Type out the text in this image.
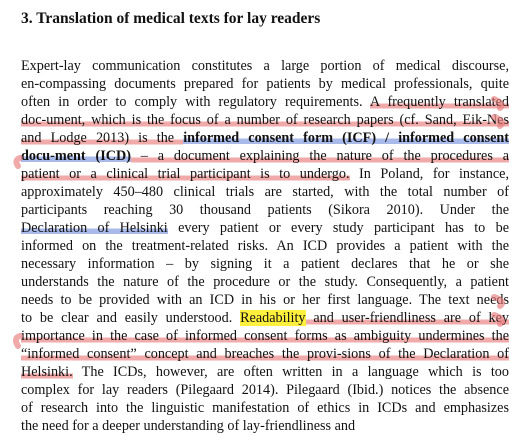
3. Translation of medical texts for lay readers
Expert-lay communication constitutes a large portion of medical discourse,
en-compassing documents prepared for patients by medical professionals, quite
often in order to comply with regulatory requirements. A frequently translated
doc-ument, which is the focus of a number of research papers (cf. Sand, Eik-Nes
and Lodge 2013) is the informed consent form (ICF) / informed consent
docu-ment (ICD) – a document explaining the nature of the procedures a
patient or a clinical trial participant is to undergo. In Poland, for instance,
approximately 450–480 clinical trials are started, with the total number of
participants reaching 30 thousand patients (Sikora 2010). Under the
Declaration of Helsinki every patient or every study participant has to be
informed on the treatment-related risks. An ICD provides a patient with the
necessary information – by signing it a patient declares that he or she
understands the nature of the procedure or the study. Consequently, a patient
needs to be provided with an ICD in his or her first language. The text needs
to be clear and easily understood. Readability and user-friendliness are of key
importance in the case of informed consent forms as ambiguity undermines the
“informed consent” concept and breaches the provi-sions of the Declaration of
Helsinki. The ICDs, however, are often written in a language which is too
complex for lay readers (Pilegaard 2014). Pilegaard (Ibid.) notices the absence
of research into the linguistic manifestation of ethics in ICDs and emphasizes
the need for a deeper understanding of lay-friendliness and
